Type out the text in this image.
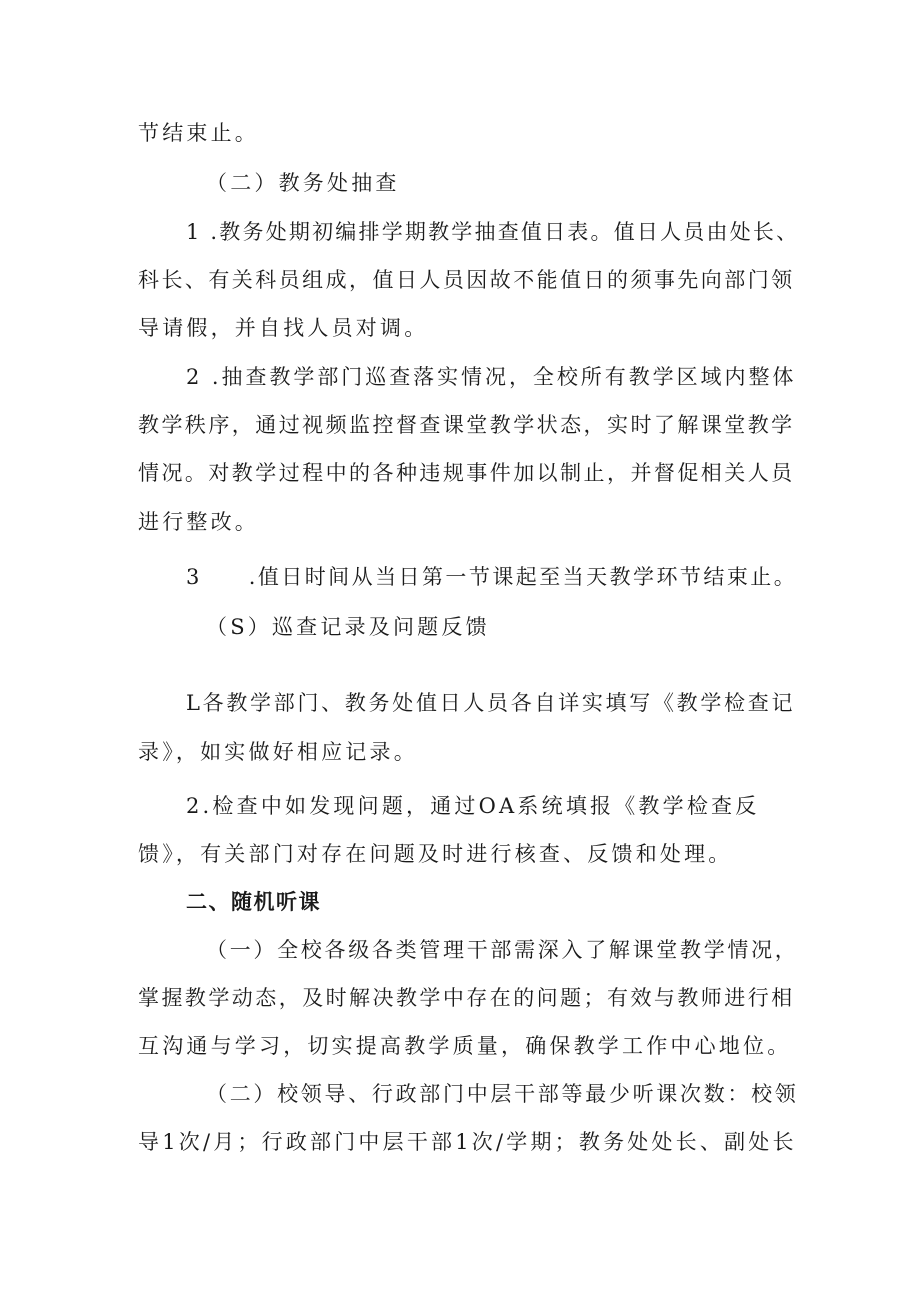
节结束止。
（二）教务处抽查
1 .教务处期初编排学期教学抽查值日表。值日人员由处长、
科长、有关科员组成，值日人员因故不能值日的须事先向部门领
导请假，并自找人员对调。
2 .抽查教学部门巡查落实情况，全校所有教学区域内整体
教学秩序，通过视频监控督查课堂教学状态，实时了解课堂教学
情况。对教学过程中的各种违规事件加以制止，并督促相关人员
进行整改。
3　　.值日时间从当日第一节课起至当天教学环节结束止。
（S）巡查记录及问题反馈
L各教学部门、教务处值日人员各自详实填写《教学检查记
录》，如实做好相应记录。
2.检查中如发现问题，通过OA系统填报《教学检查反
馈》，有关部门对存在问题及时进行核查、反馈和处理。
二、随机听课
（一）全校各级各类管理干部需深入了解课堂教学情况，
掌握教学动态，及时解决教学中存在的问题；有效与教师进行相
互沟通与学习，切实提高教学质量，确保教学工作中心地位。
（二）校领导、行政部门中层干部等最少听课次数：校领
导1次/月；行政部门中层干部1次/学期；教务处处长、副处长
